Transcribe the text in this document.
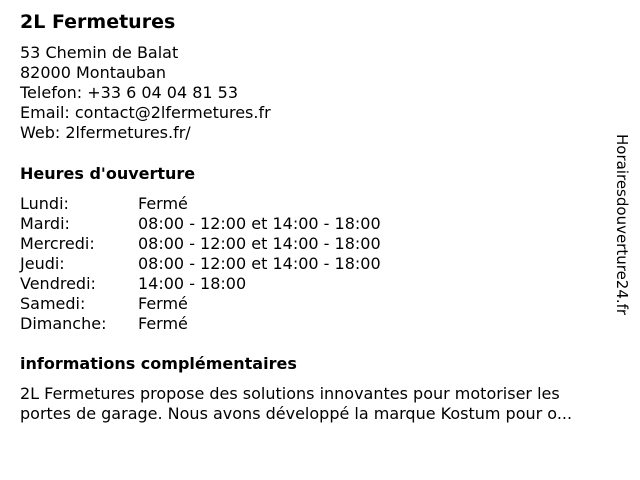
2L Fermetures
53 Chemin de Balat
82000 Montauban
Telefon: +33 6 04 04 81 53
Email: contact@2lfermetures.fr
Web: 2lfermetures.fr/
Heures d'ouverture
Lundi:	Fermé
Mardi:	08:00 - 12:00 et 14:00 - 18:00
Mercredi:	08:00 - 12:00 et 14:00 - 18:00
Jeudi:	08:00 - 12:00 et 14:00 - 18:00
Vendredi:	14:00 - 18:00
Samedi:	Fermé
Dimanche: Fermé
informations complémentaires
2L Fermetures propose des solutions innovantes pour motoriser les
portes de garage. Nous avons développé la marque Kostum pour o...
Horairesdouverture24.fr
